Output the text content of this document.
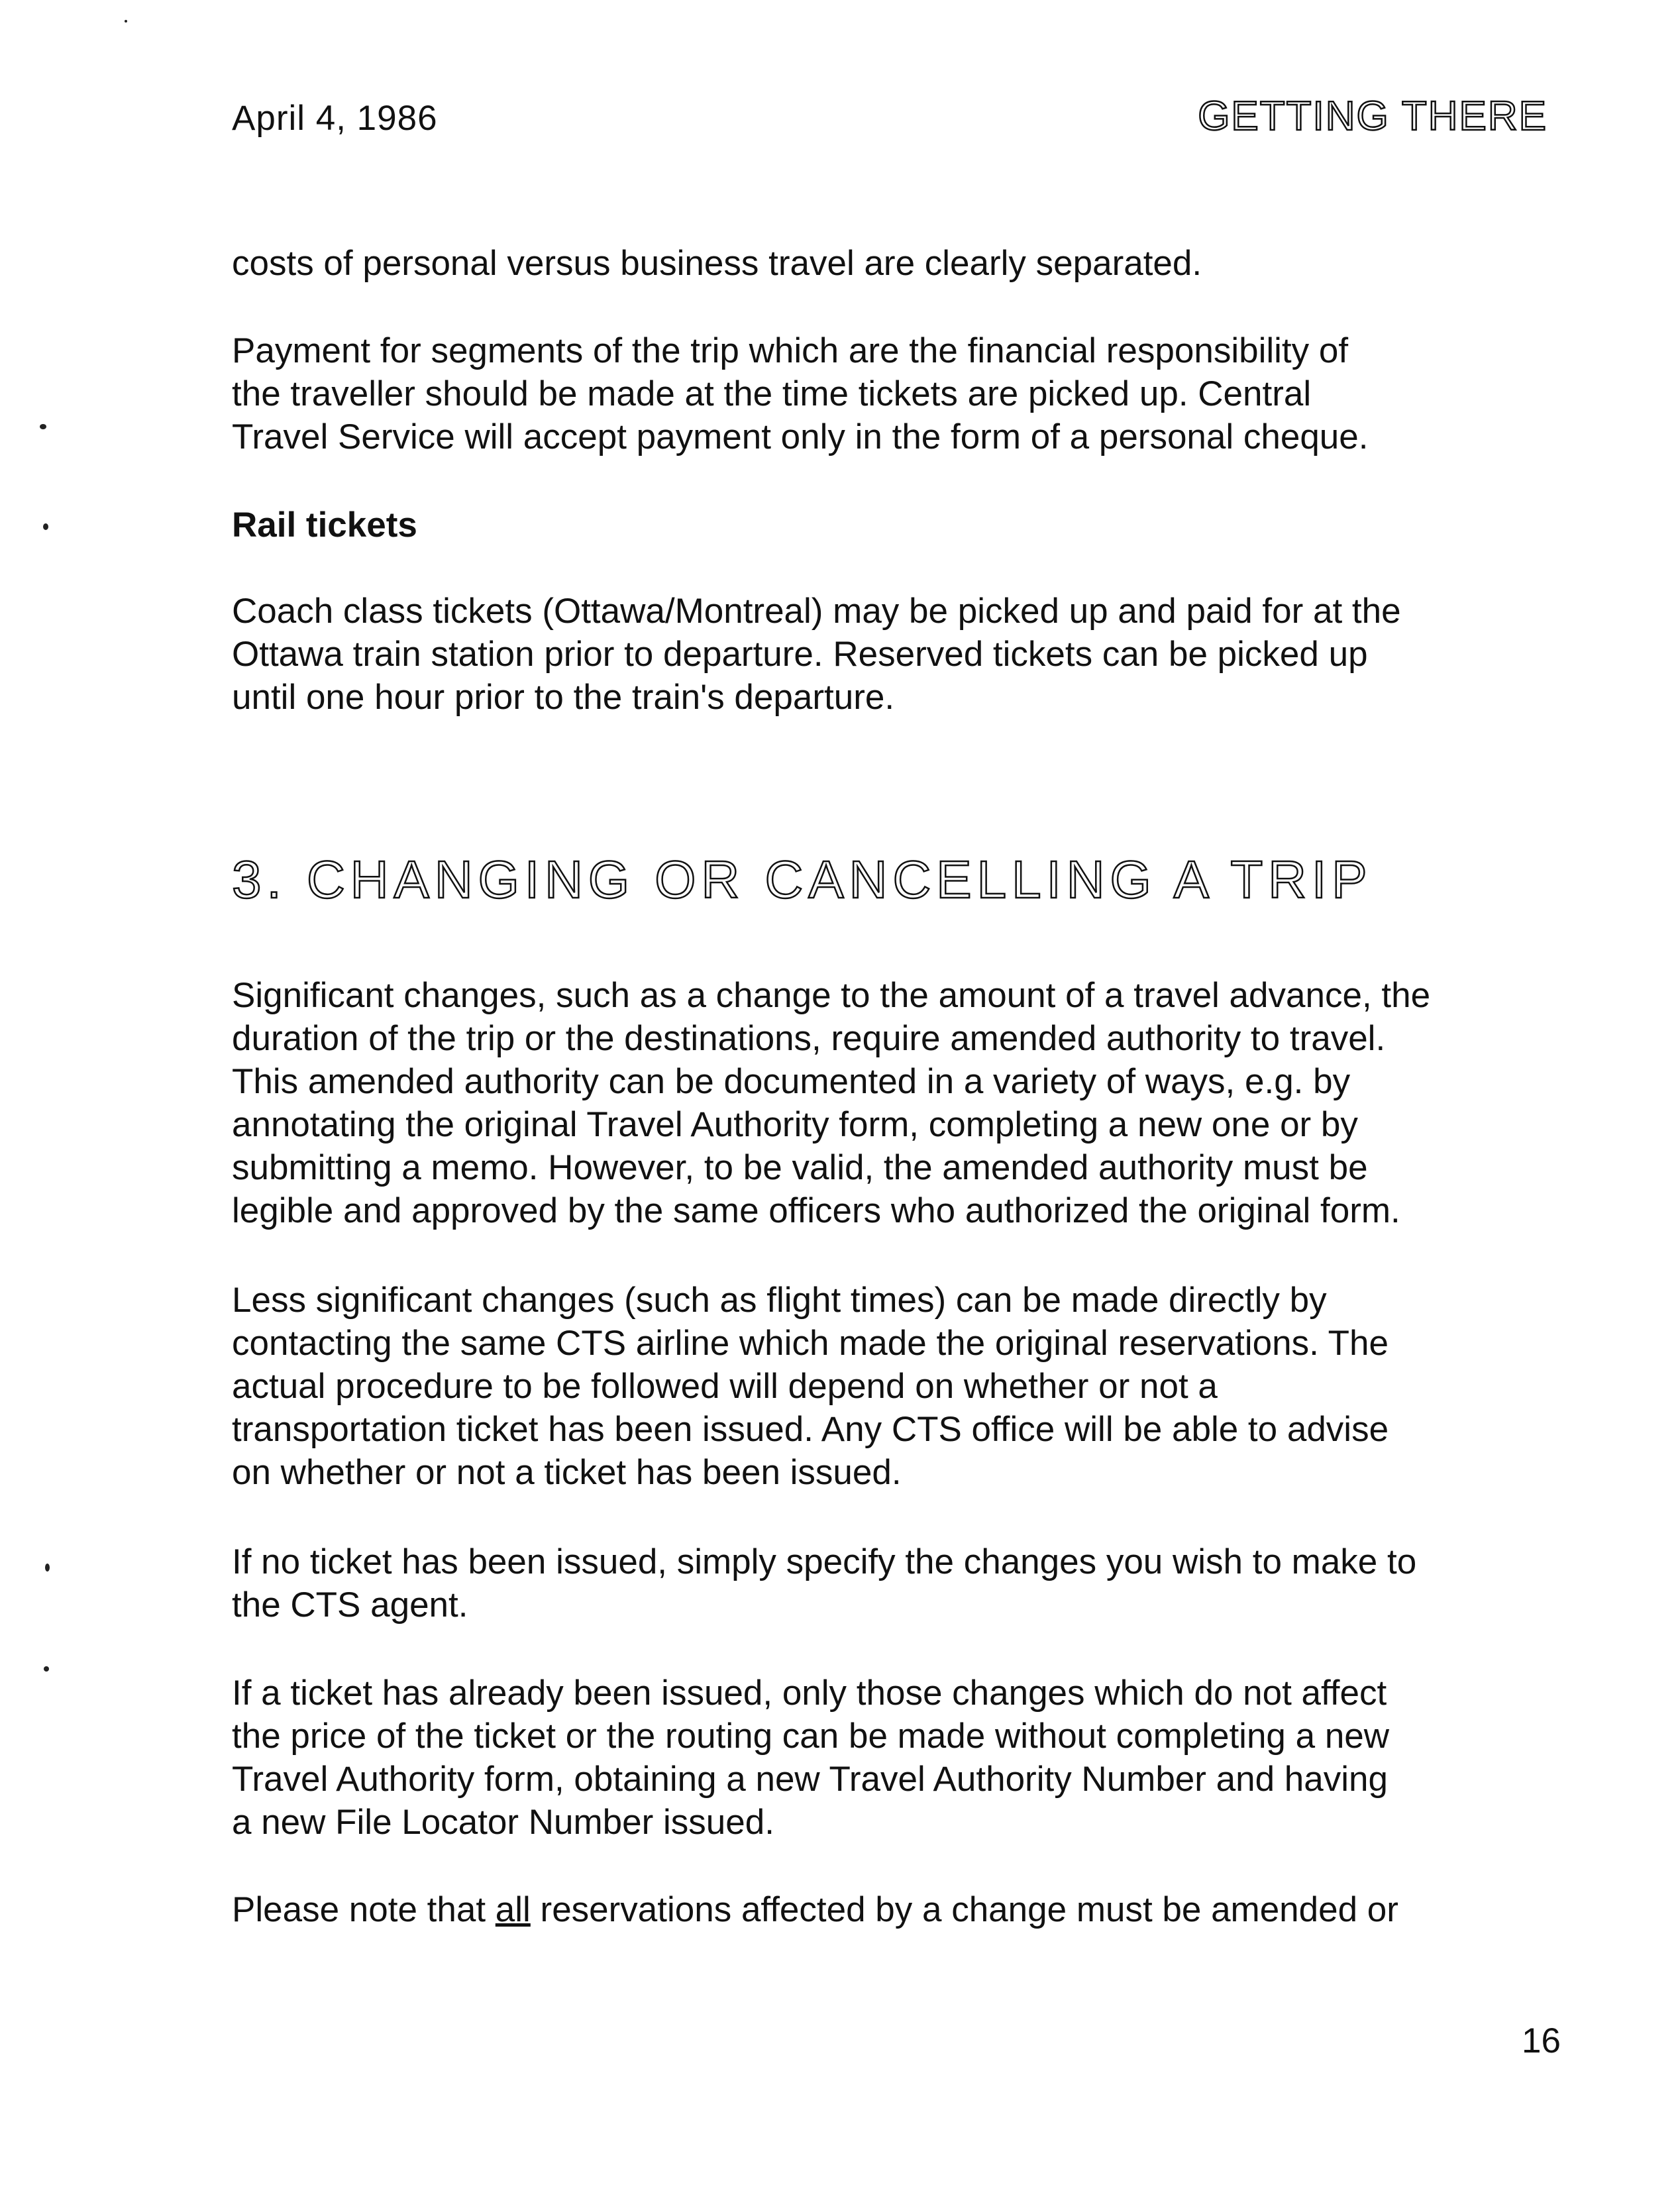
April 4, 1986	GETTING THERE

costs of personal versus business travel are clearly separated.

Payment for segments of the trip which are the financial responsibility of
the traveller should be made at the time tickets are picked up. Central
Travel Service will accept payment only in the form of a personal cheque.

Rail tickets

Coach class tickets (Ottawa/Montreal) may be picked up and paid for at the
Ottawa train station prior to departure. Reserved tickets can be picked up
until one hour prior to the train's departure.

3. CHANGING OR CANCELLING A TRIP

Significant changes, such as a change to the amount of a travel advance, the
duration of the trip or the destinations, require amended authority to travel.
This amended authority can be documented in a variety of ways, e.g. by
annotating the original Travel Authority form, completing a new one or by
submitting a memo. However, to be valid, the amended authority must be
legible and approved by the same officers who authorized the original form.

Less significant changes (such as flight times) can be made directly by
contacting the same CTS airline which made the original reservations. The
actual procedure to be followed will depend on whether or not a
transportation ticket has been issued. Any CTS office will be able to advise
on whether or not a ticket has been issued.

If no ticket has been issued, simply specify the changes you wish to make to
the CTS agent.

If a ticket has already been issued, only those changes which do not affect
the price of the ticket or the routing can be made without completing a new
Travel Authority form, obtaining a new Travel Authority Number and having
a new File Locator Number issued.

Please note that all reservations affected by a change must be amended or

16
